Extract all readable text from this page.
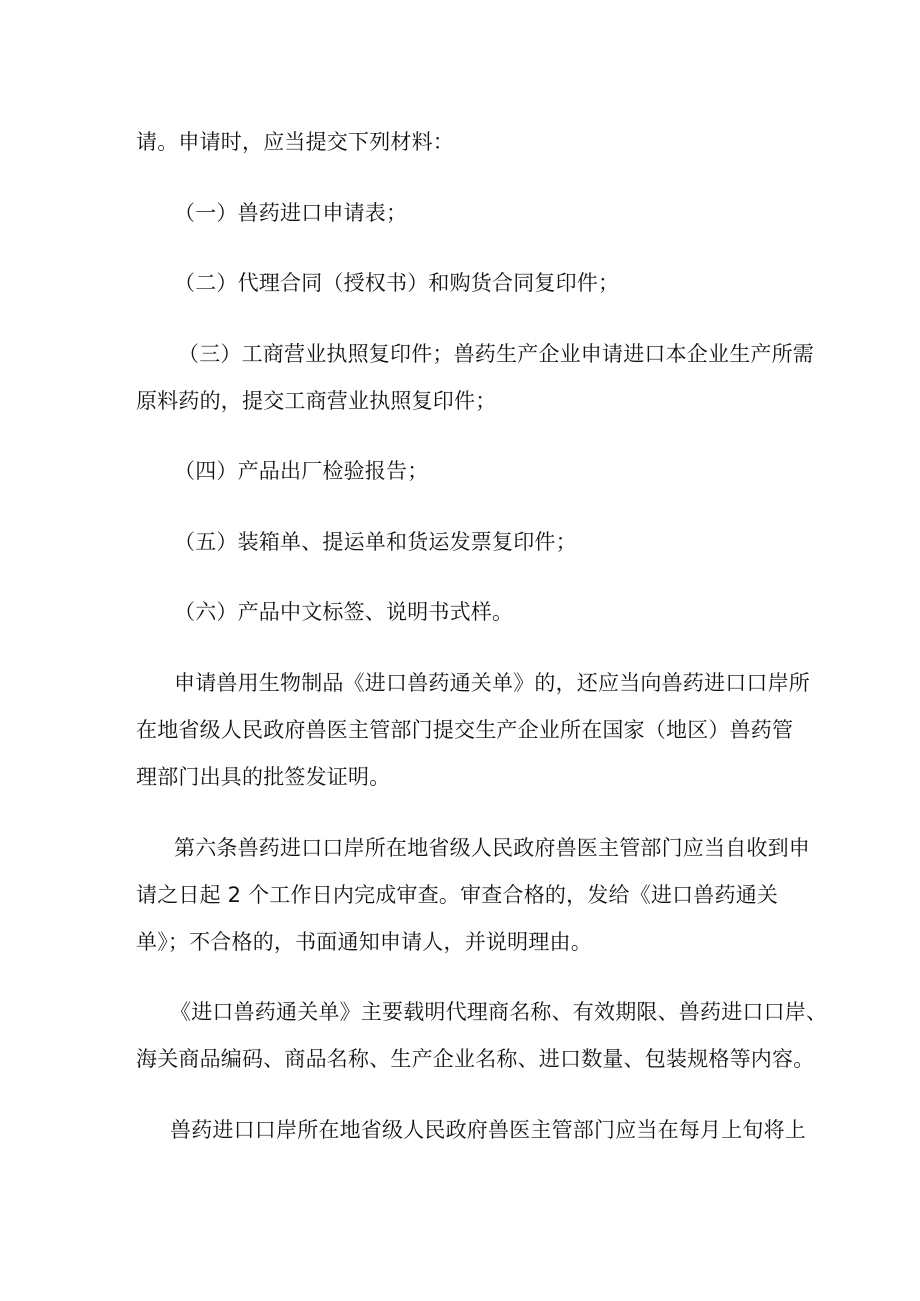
请。申请时，应当提交下列材料：
（一）兽药进口申请表；
（二）代理合同（授权书）和购货合同复印件；
（三）工商营业执照复印件；兽药生产企业申请进口本企业生产所需
原料药的，提交工商营业执照复印件；
（四）产品出厂检验报告；
（五）装箱单、提运单和货运发票复印件；
（六）产品中文标签、说明书式样。
申请兽用生物制品《进口兽药通关单》的，还应当向兽药进口口岸所
在地省级人民政府兽医主管部门提交生产企业所在国家（地区）兽药管
理部门出具的批签发证明。
第六条兽药进口口岸所在地省级人民政府兽医主管部门应当自收到申
请之日起 2 个工作日内完成审查。审查合格的，发给《进口兽药通关
单》；不合格的，书面通知申请人，并说明理由。
《进口兽药通关单》主要载明代理商名称、有效期限、兽药进口口岸、
海关商品编码、商品名称、生产企业名称、进口数量、包装规格等内容。
兽药进口口岸所在地省级人民政府兽医主管部门应当在每月上旬将上
